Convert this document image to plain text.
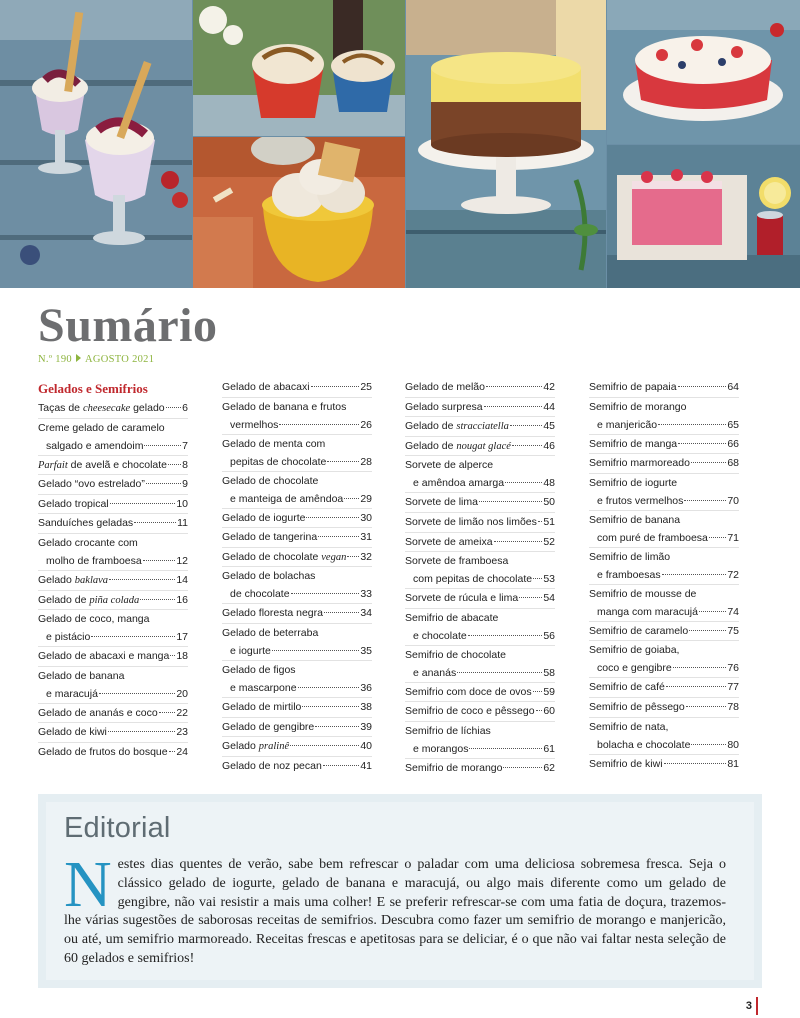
Sumário
N.º 190 AGOSTO 2021
Gelados e Semifrios
Taças de cheesecake gelado 6
Creme gelado de caramelo
salgado e amendoim	7
Parfait de avelã e chocolate 8
Gelado “ovo estrelado”	9
Gelado tropical	10
Sanduíches geladas	11
Gelado crocante com
molho de framboesa	12
Gelado baklava	14
Gelado de piña colada	16
Gelado de coco, manga
e pistácio	17
Gelado de abacaxi e manga 18
Gelado de banana
e maracujá	20
Gelado de ananás e coco 22
Gelado de kiwi	23
Gelado de frutos do bosque 24
Gelado de abacaxi	25
Gelado de banana e frutos
vermelhos	26
Gelado de menta com
pepitas de chocolate	28
Gelado de chocolate
e manteiga de amêndoa 29
Gelado de iogurte	30
Gelado de tangerina	31
Gelado de chocolate vegan 32
Gelado de bolachas
de chocolate	33
Gelado floresta negra	34
Gelado de beterraba
e iogurte	35
Gelado de figos
e mascarpone	36
Gelado de mirtilo	38
Gelado de gengibre	39
Gelado pralinê	40
Gelado de noz pecan	41
Gelado de melão	42
Gelado surpresa	44
Gelado de stracciatella	45
Gelado de nougat glacé	46
Sorvete de alperce
e amêndoa amarga	48
Sorvete de lima	50
Sorvete de limão nos limões 51
Sorvete de ameixa	52
Sorvete de framboesa
com pepitas de chocolate 53
Sorvete de rúcula e lima 54
Semifrio de abacate
e chocolate	56
Semifrio de chocolate
e ananás	58
Semifrio com doce de ovos 59
Semifrio de coco e pêssego 60
Semifrio de líchias
e morangos	61
Semifrio de morango	62
Semifrio de papaia	64
Semifrio de morango
e manjericão	65
Semifrio de manga	66
Semifrio marmoreado	68
Semifrio de iogurte
e frutos vermelhos	70
Semifrio de banana
com puré de framboesa 71
Semifrio de limão
e framboesas	72
Semifrio de mousse de
manga com maracujá	74
Semifrio de caramelo	75
Semifrio de goiaba,
coco e gengibre	76
Semifrio de café	77
Semifrio de pêssego	78
Semifrio de nata,
bolacha e chocolate	80
Semifrio de kiwi	81
Editorial

Nestes dias quentes de verão, sabe bem refrescar o paladar com uma deliciosa sobremesa fresca. Seja o clássico gelado de iogurte, gelado de banana e maracujá, ou algo mais diferente como um gelado de gengibre, não vai resistir a mais uma colher! E se preferir refrescar-se com uma fatia de doçura, trazemos-lhe várias sugestões de saborosas receitas de semifrios. Descubra como fazer um semifrio de morango e manjericão, ou até, um semifrio marmoreado. Receitas frescas e apetitosas para se deliciar, é o que não vai faltar nesta seleção de 60 gelados e semifrios!

3
